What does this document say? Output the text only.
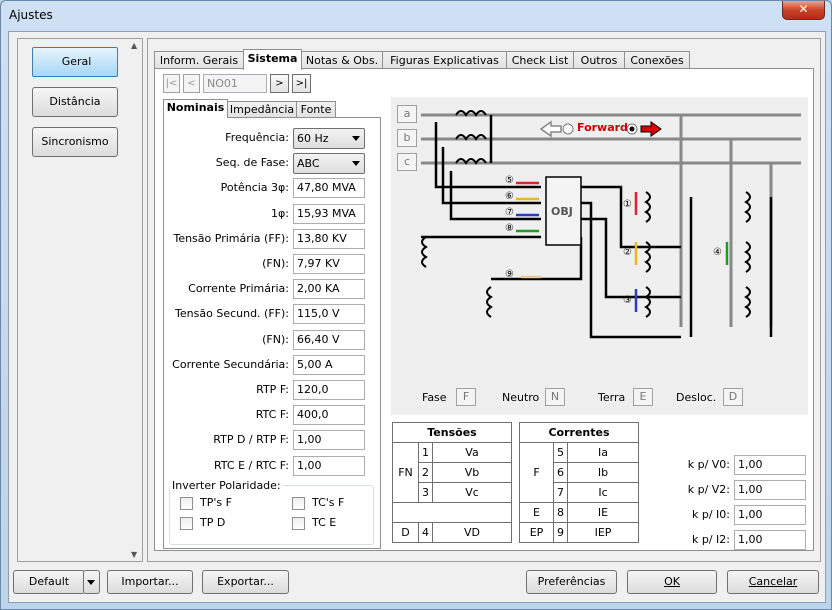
Ajustes	✕
Geral
Distância
Sincronismo
▲
▼
Inform. Gerais Sistema Notas & Obs.	Figuras Explicativas	Check List	Outros	Conexões
|< <	NO01	>	>|
Nominais Impedância Fonte
Frequência: 60 Hz
Seq. de Fase: ABC
Potência 3φ: 47,80 MVA
1φ: 15,93 MVA
Tensão Primária (FF): 13,80 KV
(FN): 7,97 KV
Corrente Primária: 2,00 KA
Tensão Secund. (FF): 115,0 V
(FN): 66,40 V
Corrente Secundária: 5,00 A
RTP F: 120,0
RTC F: 400,0
RTP D / RTP F: 1,00
RTC E / RTC F: 1,00
Inverter Polaridade:
TP's F	TC's F
TP D	TC E
a
b
c
Forward
OBJ
⑤
⑥
⑦
⑧
⑨
①
②
③
④
Fase	F	Neutro	N	Terra	E	Desloc.	D
Tensões		
FN	1	Va
	2	Vb
	3	Vc

D	4	VD
Correntes		
F	5	Ia
	6	Ib
	7	Ic
E	8	IE
EP	9	IEP
k p/ V0: 1,00
k p/ V2: 1,00
k p/ I0: 1,00
k p/ I2: 1,00
Default	Importar...	Exportar...	Preferências	OK	Cancelar
